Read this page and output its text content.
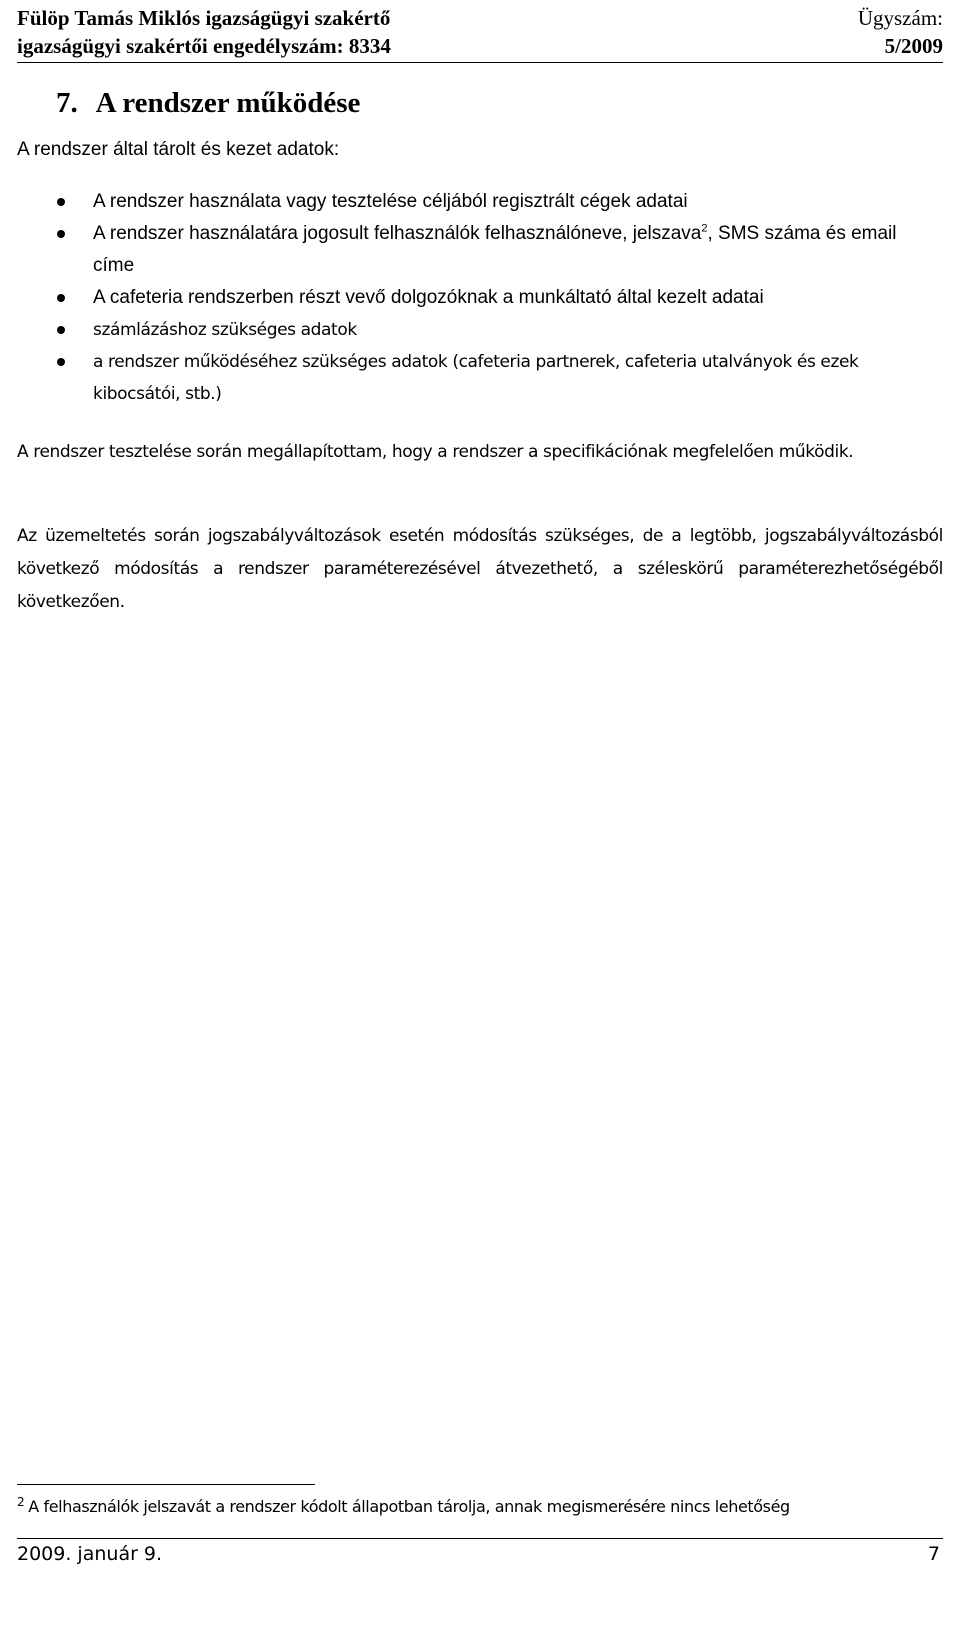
Fülöp Tamás Miklós igazságügyi szakértő	Ügyszám:
igazságügyi szakértői engedélyszám: 8334	5/2009
7. A rendszer működése
A rendszer által tárolt és kezet adatok:
A rendszer használata vagy tesztelése céljából regisztrált cégek adatai
A rendszer használatára jogosult felhasználók felhasználóneve, jelszava$^2$, SMS száma és email címe
A cafeteria rendszerben részt vevő dolgozóknak a munkáltató által kezelt adatai
számlázáshoz szükséges adatok
a rendszer működéséhez szükséges adatok (cafeteria partnerek, cafeteria utalványok és ezek kibocsátói, stb.)
A rendszer tesztelése során megállapítottam, hogy a rendszer a specifikációnak megfelelően működik.
Az üzemeltetés során jogszabályváltozások esetén módosítás szükséges, de a legtöbb, jogszabályváltozásból következő módosítás a rendszer paraméterezésével átvezethető, a széleskörű paraméterezhetőségéből következően.
$^2$ A felhasználók jelszavát a rendszer kódolt állapotban tárolja, annak megismerésére nincs lehetőség
2009. január 9.	7
